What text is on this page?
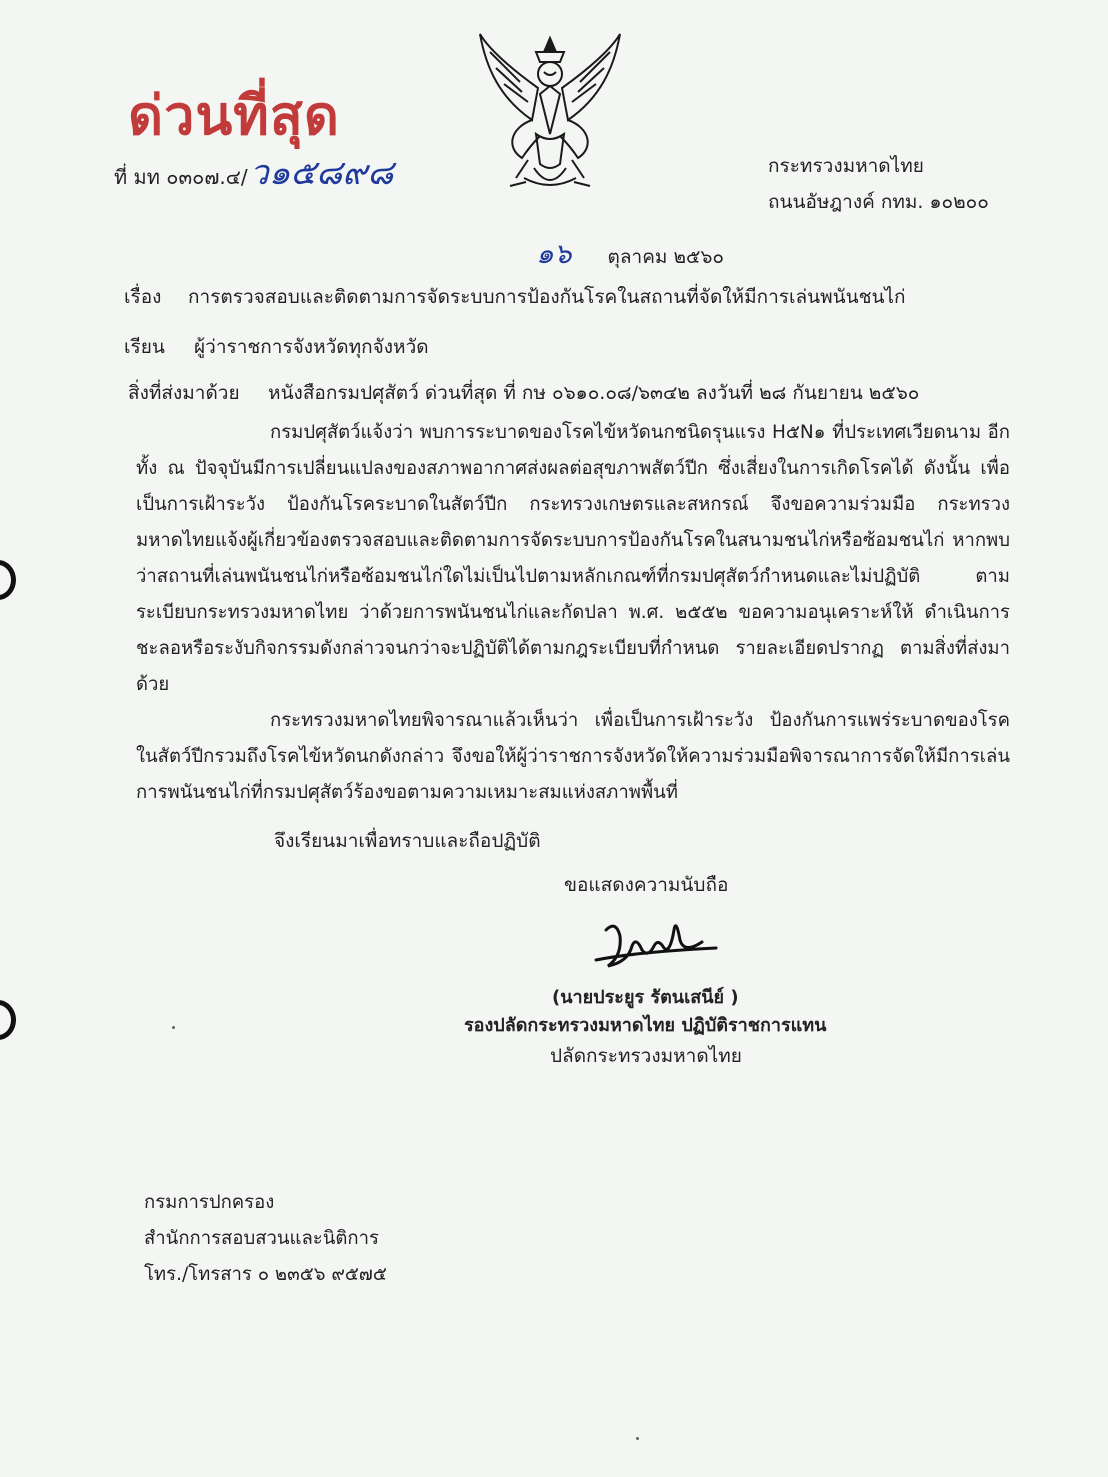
ด่วนที่สุด
ที่ มท ๐๓๐๗.๔/ว๑๕๘๙๘	กระทรวงมหาดไทย
ถนนอัษฎางค์ กทม. ๑๐๒๐๐
๑๖ ตุลาคม ๒๕๖๐
เรื่อง การตรวจสอบและติดตามการจัดระบบการป้องกันโรคในสถานที่จัดให้มีการเล่นพนันชนไก่
เรียน ผู้ว่าราชการจังหวัดทุกจังหวัด
สิ่งที่ส่งมาด้วย หนังสือกรมปศุสัตว์ ด่วนที่สุด ที่ กษ ๐๖๑๐.๐๘/๖๓๔๒ ลงวันที่ ๒๘ กันยายน ๒๕๖๐

กรมปศุสัตว์แจ้งว่า พบการระบาดของโรคไข้หวัดนกชนิดรุนแรง H๕N๑ ที่ประเทศเวียดนาม อีกทั้ง ณ ปัจจุบันมีการเปลี่ยนแปลงของสภาพอากาศส่งผลต่อสุขภาพสัตว์ปีก ซึ่งเสี่ยงในการเกิดโรคได้ ดังนั้น เพื่อเป็นการเฝ้าระวัง ป้องกันโรคระบาดในสัตว์ปีก กระทรวงเกษตรและสหกรณ์ จึงขอความร่วมมือ กระทรวงมหาดไทยแจ้งผู้เกี่ยวข้องตรวจสอบและติดตามการจัดระบบการป้องกันโรคในสนามชนไก่หรือซ้อมชนไก่ หากพบว่าสถานที่เล่นพนันชนไก่หรือซ้อมชนไก่ใดไม่เป็นไปตามหลักเกณฑ์ที่กรมปศุสัตว์กำหนดและไม่ปฏิบัติ ตามระเบียบกระทรวงมหาดไทย ว่าด้วยการพนันชนไก่และกัดปลา พ.ศ. ๒๕๕๒ ขอความอนุเคราะห์ให้ ดำเนินการชะลอหรือระงับกิจกรรมดังกล่าวจนกว่าจะปฏิบัติได้ตามกฎระเบียบที่กำหนด รายละเอียดปรากฏ ตามสิ่งที่ส่งมาด้วย

กระทรวงมหาดไทยพิจารณาแล้วเห็นว่า เพื่อเป็นการเฝ้าระวัง ป้องกันการแพร่ระบาดของโรค ในสัตว์ปีกรวมถึงโรคไข้หวัดนกดังกล่าว จึงขอให้ผู้ว่าราชการจังหวัดให้ความร่วมมือพิจารณาการจัดให้มีการเล่น การพนันชนไก่ที่กรมปศุสัตว์ร้องขอตามความเหมาะสมแห่งสภาพพื้นที่

จึงเรียนมาเพื่อทราบและถือปฏิบัติ
ขอแสดงความนับถือ
(นายประยูร รัตนเสนีย์ )
รองปลัดกระทรวงมหาดไทย ปฏิบัติราชการแทน
ปลัดกระทรวงมหาดไทย
กรมการปกครอง
สำนักการสอบสวนและนิติการ
โทร./โทรสาร ๐ ๒๓๕๖ ๙๕๗๕
